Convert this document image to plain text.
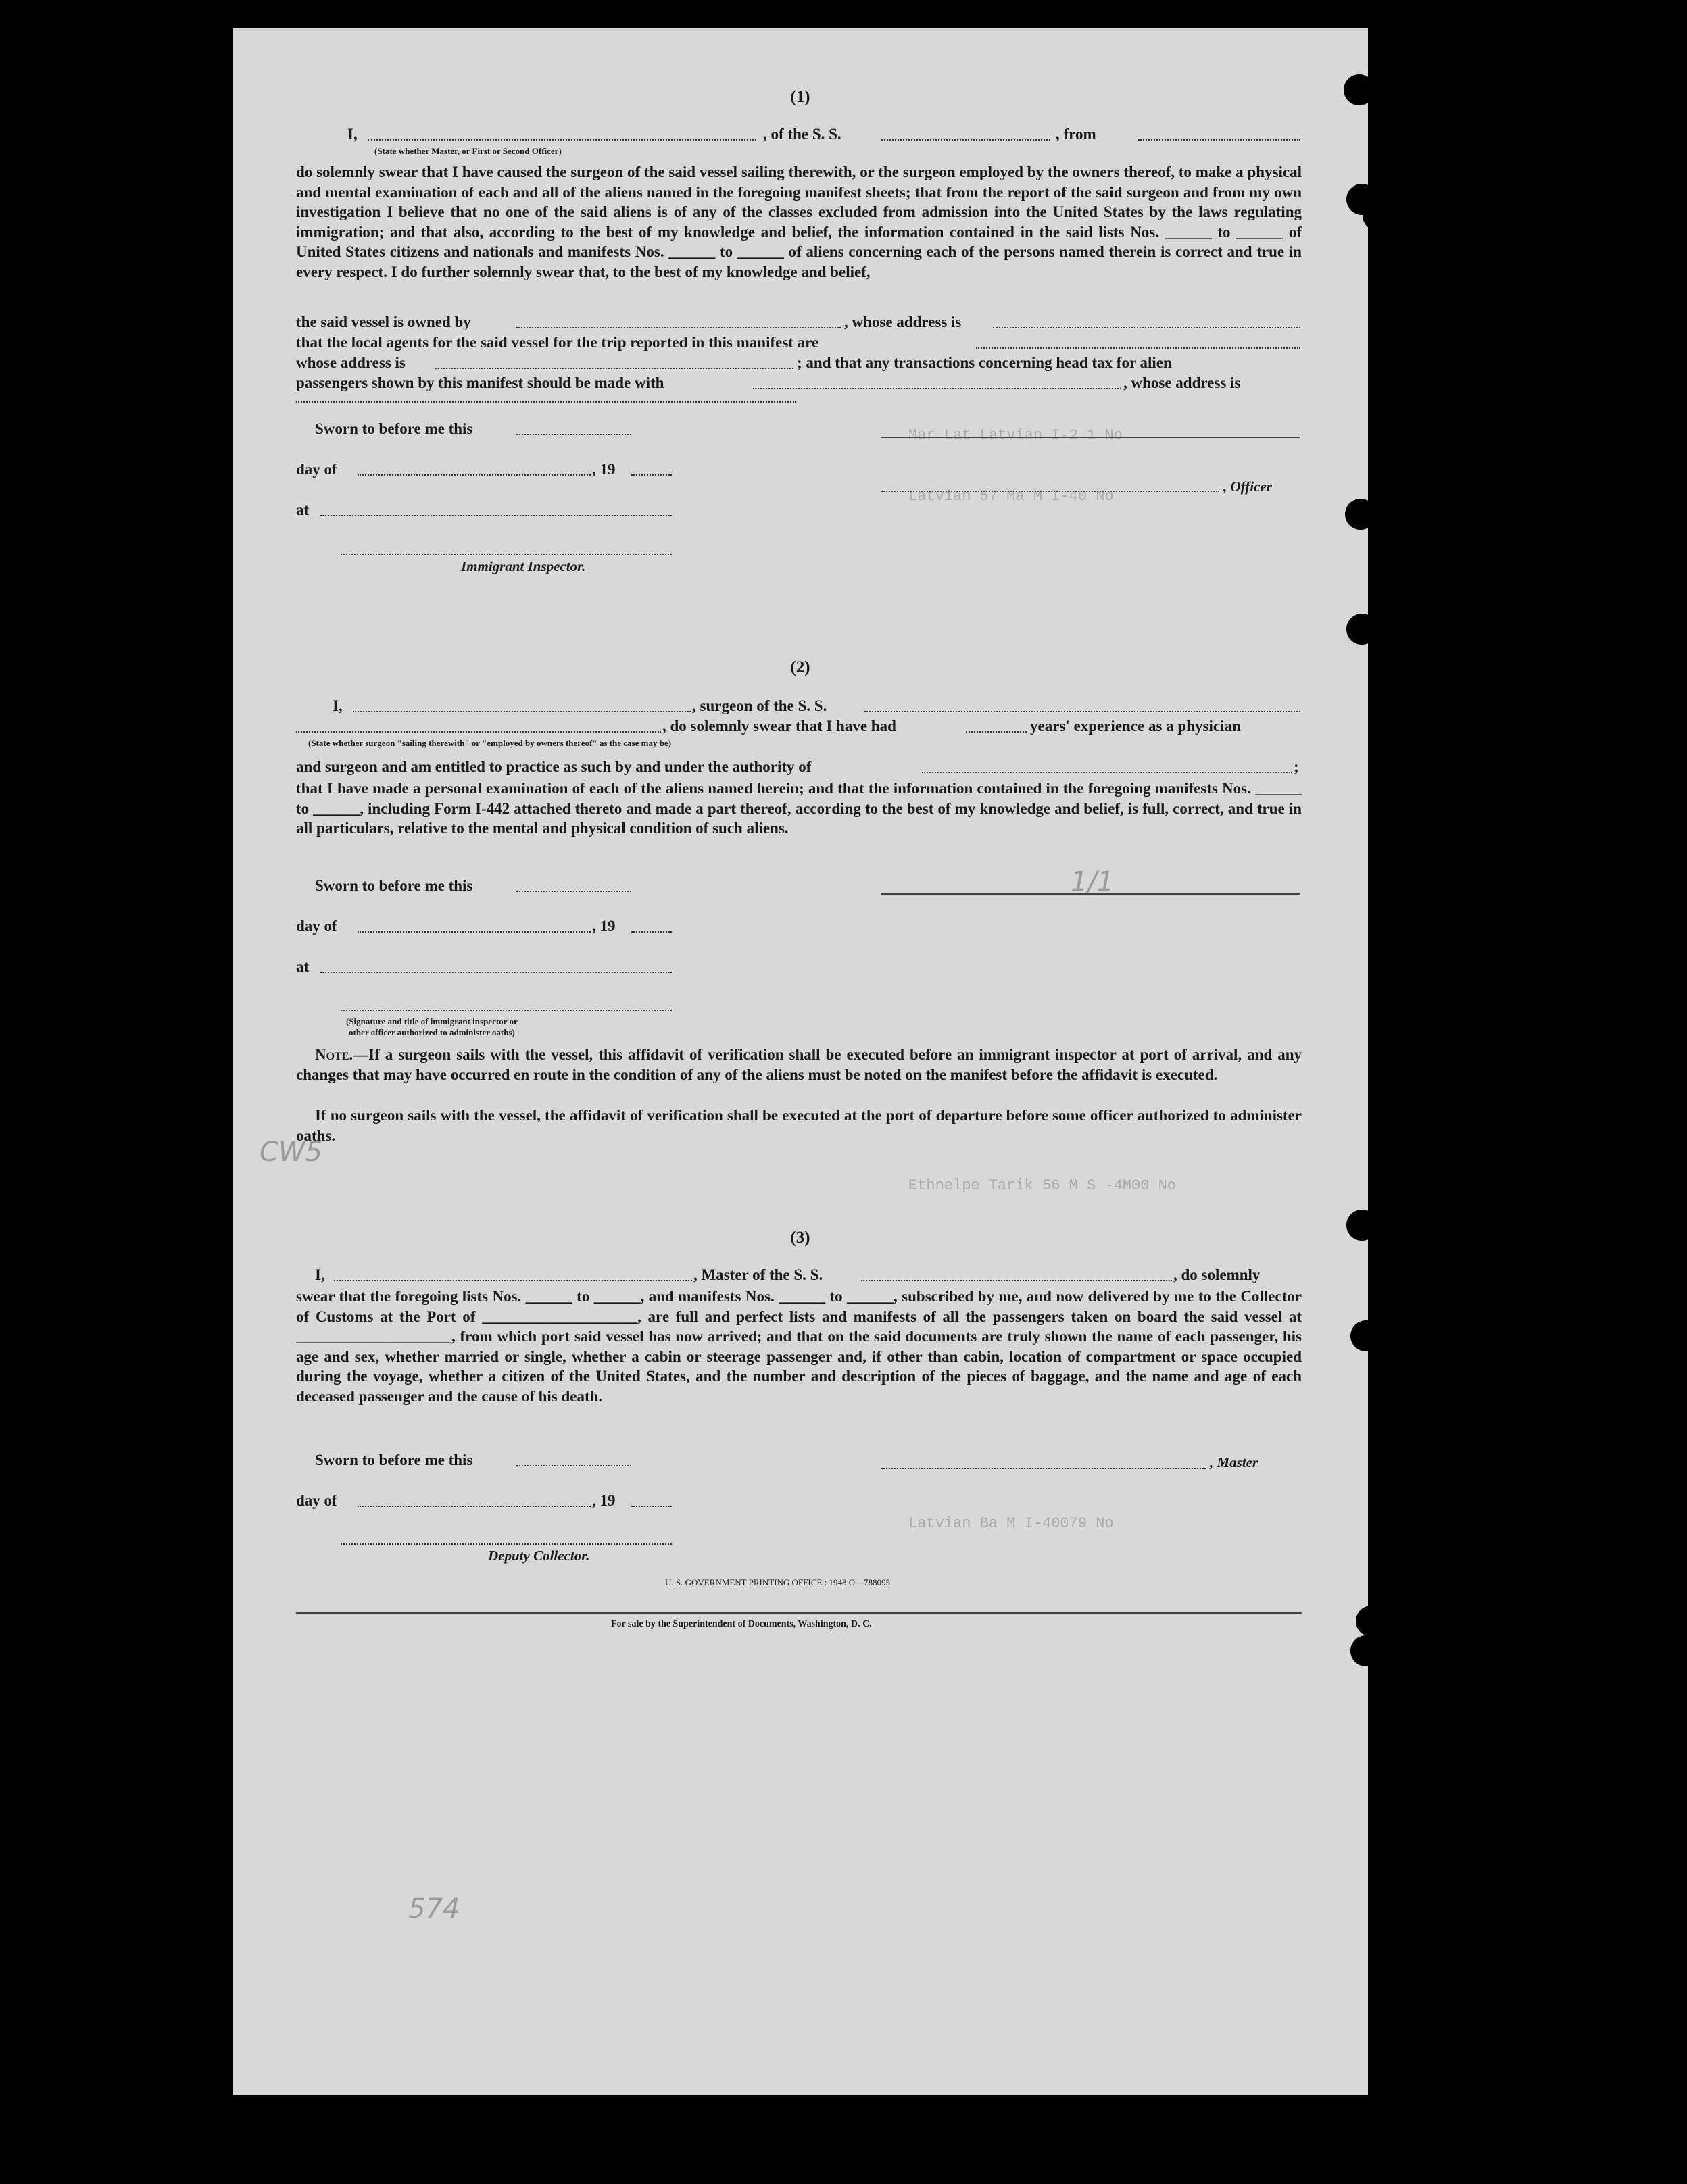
Mar Lat Latvian I-2 1 No
Latvian 57 Ma M I-40 No
Ethnelpe Tarik 56 M S -4M00 No
Latvian Ba M I-40079 No
CW5
1/1
574
(1)
I,
(State whether Master, or First or Second Officer)
, of the S. S.	, from
do solemnly swear that I have caused the surgeon of the said vessel sailing therewith, or the surgeon employed by the owners thereof, to make a physical and mental examination of each and all of the aliens named in the foregoing manifest sheets; that from the report of the said surgeon and from my own investigation I believe that no one of the said aliens is of any of the classes excluded from admission into the United States by the laws regulating immigration; and that also, according to the best of my knowledge and belief, the information contained in the said lists Nos. ______ to ______ of United States citizens and nationals and manifests Nos. ______ to ______ of aliens concerning each of the persons named therein is correct and true in every respect. I do further solemnly swear that, to the best of my knowledge and belief,
the said vessel is owned by	, whose address is
that the local agents for the said vessel for the trip reported in this manifest are
whose address is	; and that any transactions concerning head tax for alien
passengers shown by this manifest should be made with	, whose address is
Sworn to before me this
day of	, 19
, Officer
at
Immigrant Inspector.
(2)
I,	, surgeon of the S. S.
, do solemnly swear that I have had	years' experience as a physician
(State whether surgeon "sailing therewith" or "employed by owners thereof" as the case may be)
and surgeon and am entitled to practice as such by and under the authority of	;
that I have made a personal examination of each of the aliens named herein; and that the information contained in the foregoing manifests Nos. ______ to ______, including Form I-442 attached thereto and made a part thereof, according to the best of my knowledge and belief, is full, correct, and true in all particulars, relative to the mental and physical condition of such aliens.
Sworn to before me this
day of	, 19
at
(Signature and title of immigrant inspector or
other officer authorized to administer oaths)
Note.—If a surgeon sails with the vessel, this affidavit of verification shall be executed before an immigrant inspector at port of arrival, and any changes that may have occurred en route in the condition of any of the aliens must be noted on the manifest before the affidavit is executed.
If no surgeon sails with the vessel, the affidavit of verification shall be executed at the port of departure before some officer authorized to administer oaths.
(3)
I,	, Master of the S. S.	, do solemnly
swear that the foregoing lists Nos. ______ to ______, and manifests Nos. ______ to ______, subscribed by me, and now delivered by me to the Collector of Customs at the Port of ____________________, are full and perfect lists and manifests of all the passengers taken on board the said vessel at ____________________, from which port said vessel has now arrived; and that on the said documents are truly shown the name of each passenger, his age and sex, whether married or single, whether a cabin or steerage passenger and, if other than cabin, location of compartment or space occupied during the voyage, whether a citizen of the United States, and the number and description of the pieces of baggage, and the name and age of each deceased passenger and the cause of his death.
Sworn to before me this	, Master
day of	, 19
Deputy Collector.
U. S. GOVERNMENT PRINTING OFFICE : 1948 O—788095
For sale by the Superintendent of Documents, Washington, D. C.
